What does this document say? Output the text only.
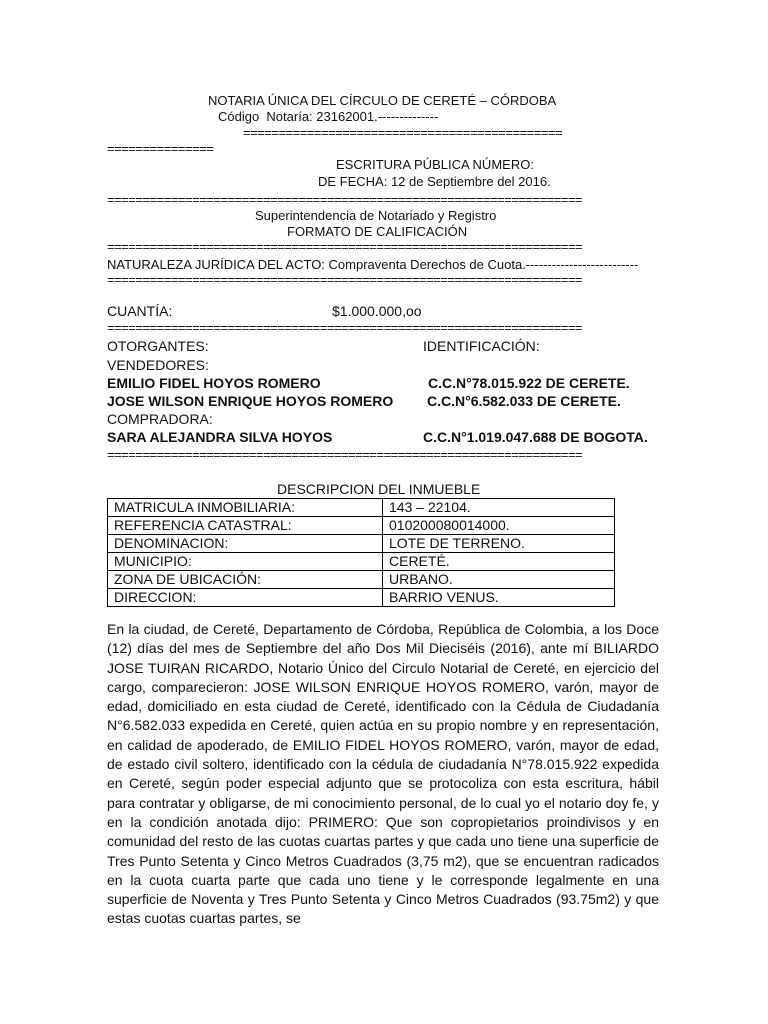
NOTARIA ÚNICA DEL CÍRCULO DE CERETÉ – CÓRDOBA
Código  Notaría: 23162001.--------------
=============================================
===============
ESCRITURA PÚBLICA NÚMERO:
DE FECHA: 12 de Septiembre del 2016.
===================================================================
Superintendencia de Notariado y Registro
FORMATO DE CALIFICACIÓN
===================================================================
NATURALEZA JURÍDICA DEL ACTO: Compraventa Derechos de Cuota.--------------------------
===================================================================
CUANTÍA:	$1.000.000,oo
===================================================================
OTORGANTES:	IDENTIFICACIÓN:
VENDEDORES:
EMILIO FIDEL HOYOS ROMERO	C.C.N°78.015.922 DE CERETE.
JOSE WILSON ENRIQUE HOYOS ROMERO C.C.N°6.582.033 DE CERETE.
COMPRADORA:
SARA ALEJANDRA SILVA HOYOS	C.C.N°1.019.047.688 DE BOGOTA.
===================================================================
DESCRIPCION DEL INMUEBLE
MATRICULA INMOBILIARIA:	143 – 22104.
REFERENCIA CATASTRAL:	010200080014000.
DENOMINACION:	LOTE DE TERRENO.
MUNICIPIO:	CERETÉ.
ZONA DE UBICACIÓN:	URBANO.
DIRECCION:	BARRIO VENUS.
En la ciudad, de Cereté, Departamento de Córdoba, República de Colombia, a los Doce (12) días del mes de Septiembre del año Dos Mil Dieciséis (2016), ante mí BILIARDO JOSE TUIRAN RICARDO, Notario Único del Circulo Notarial de Cereté, en ejercicio del cargo, comparecieron: JOSE WILSON ENRIQUE HOYOS ROMERO, varón, mayor de edad, domiciliado en esta ciudad de Cereté, identificado con la Cédula de Ciudadanía N°6.582.033 expedida en Cereté, quien actúa en su propio nombre y en representación, en calidad de apoderado, de EMILIO FIDEL HOYOS ROMERO, varón, mayor de edad, de estado civil soltero, identificado con la cédula de ciudadanía N°78.015.922 expedida en Cereté, según poder especial adjunto que se protocoliza con esta escritura, hábil para contratar y obligarse, de mi conocimiento personal, de lo cual yo el notario doy fe, y en la condición anotada dijo: PRIMERO: Que son copropietarios proindivisos y en comunidad del resto de las cuotas cuartas partes y que cada uno tiene una superficie de Tres Punto Setenta y Cinco Metros Cuadrados (3,75 m2), que se encuentran radicados en la cuota cuarta parte que cada uno tiene y le corresponde legalmente en una superficie de Noventa y Tres Punto Setenta y Cinco Metros Cuadrados (93.75m2) y que estas cuotas cuartas partes, se
